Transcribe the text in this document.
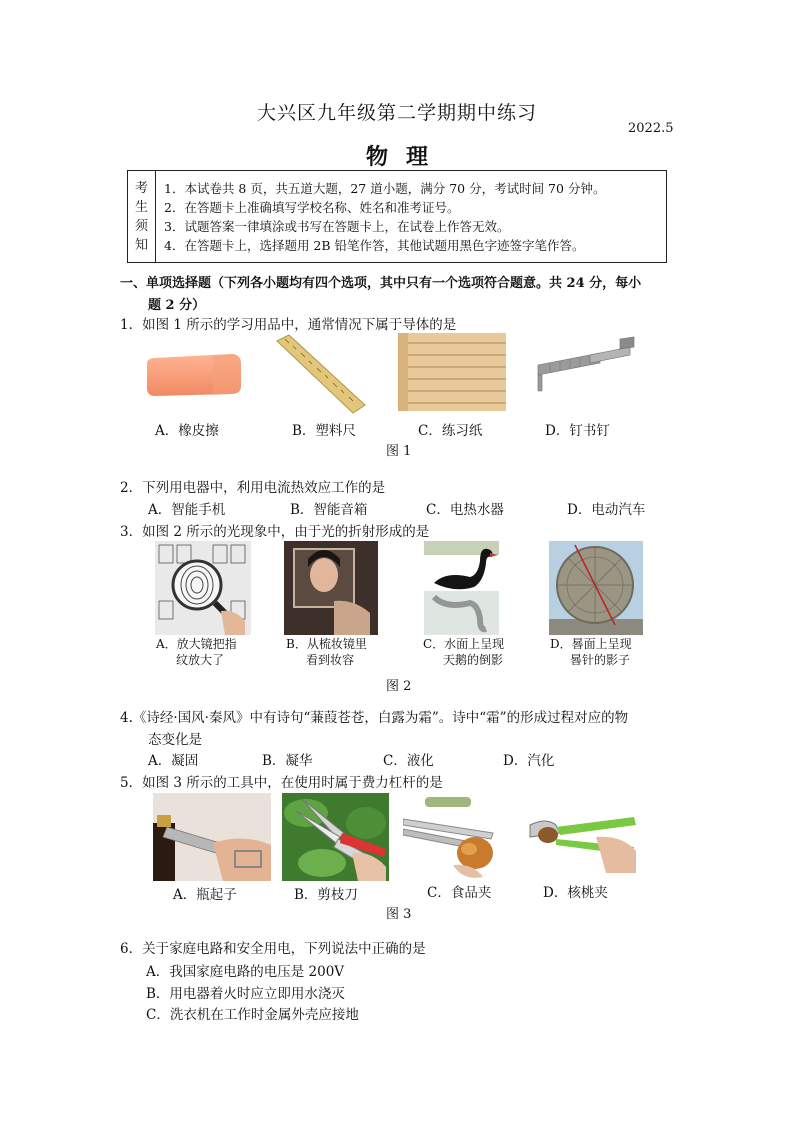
大兴区九年级第二学期期中练习
2022.5
物理
考
生
须
知
1．本试卷共 8 页，共五道大题，27 道小题，满分 70 分，考试时间 70 分钟。
2．在答题卡上准确填写学校名称、姓名和准考证号。
3．试题答案一律填涂或书写在答题卡上，在试卷上作答无效。
4．在答题卡上，选择题用 2B 铅笔作答，其他试题用黑色字迹签字笔作答。
一、单项选择题（下列各小题均有四个选项，其中只有一个选项符合题意。共 24 分，每小
题 2 分）
1．如图 1 所示的学习用品中，通常情况下属于导体的是
A．橡皮擦	B．塑料尺	C．练习纸	D．钉书钉
图 1
2．下列用电器中，利用电流热效应工作的是
A．智能手机	B．智能音箱	C．电热水器	D．电动汽车
3．如图 2 所示的光现象中，由于光的折射形成的是
A．放大镜把指
纹放大了
B．从梳妆镜里
看到妆容
C．水面上呈现
天鹅的倒影
D．晷面上呈现
晷针的影子
图 2
4.《诗经·国风·秦风》中有诗句“蒹葭苍苍，白露为霜”。诗中“霜”的形成过程对应的物
态变化是
A．凝固	B．凝华	C．液化	D．汽化
5．如图 3 所示的工具中，在使用时属于费力杠杆的是
A．瓶起子	B．剪枝刀	C．食品夹	D．核桃夹
图 3
6．关于家庭电路和安全用电，下列说法中正确的是
A．我国家庭电路的电压是 200V
B．用电器着火时应立即用水浇灭
C．洗衣机在工作时金属外壳应接地
